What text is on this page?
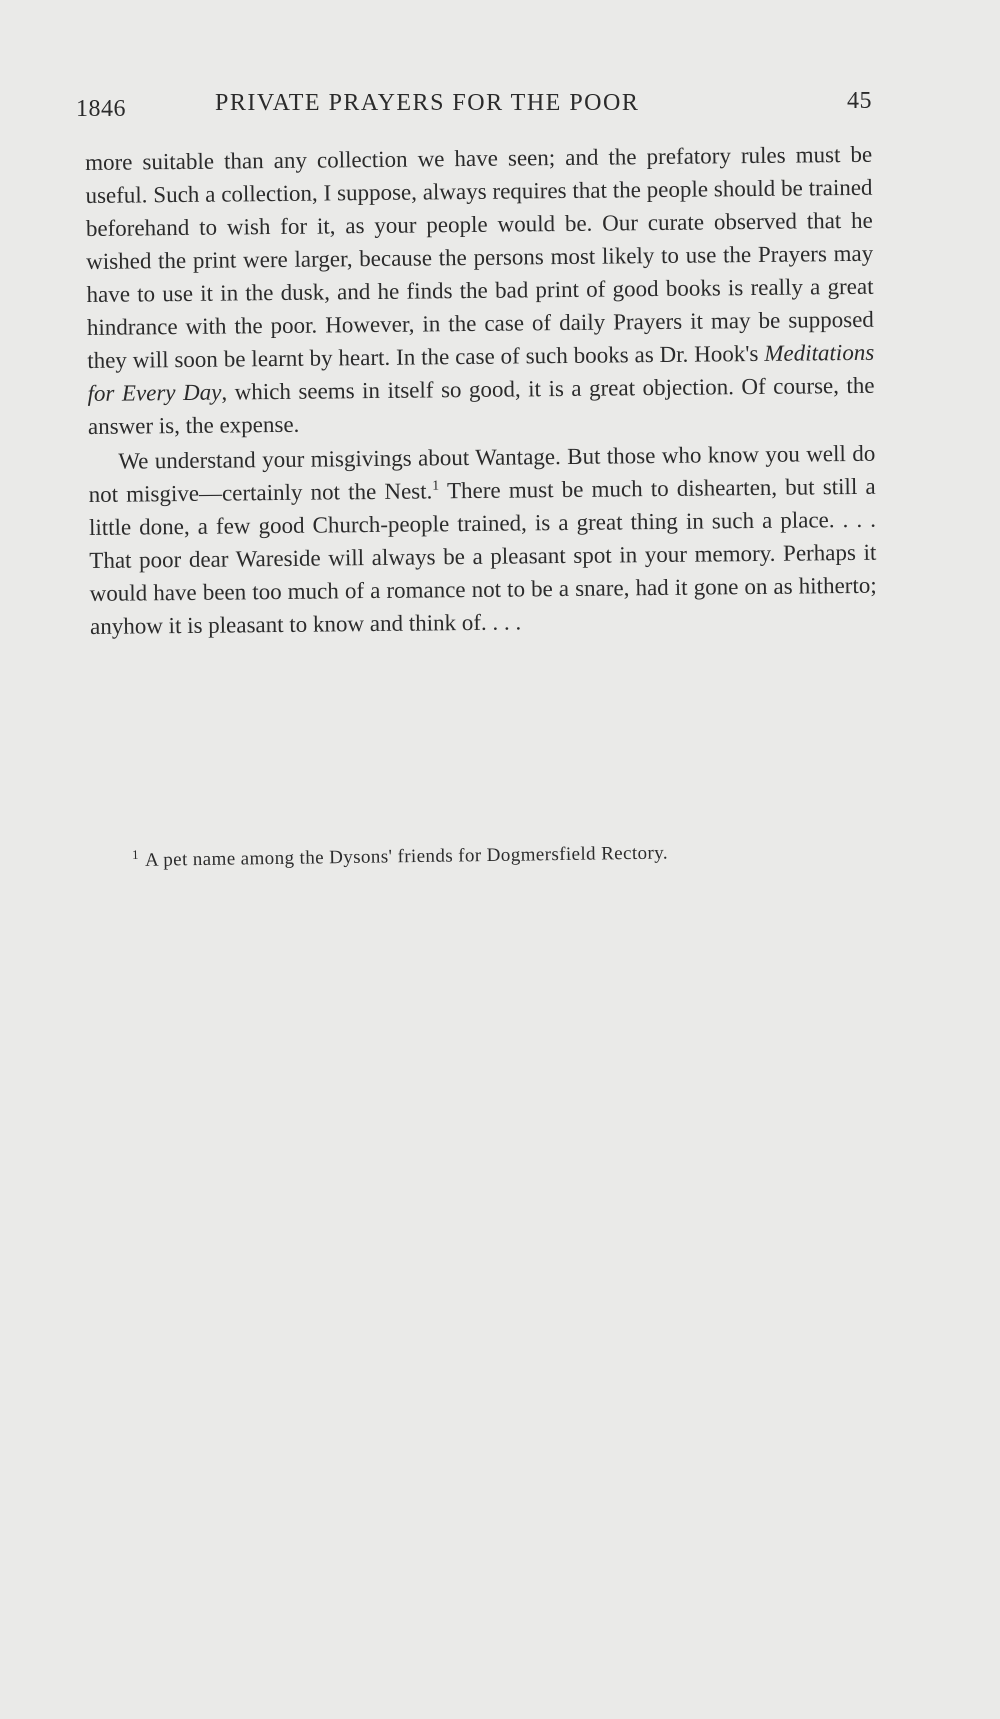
1846	PRIVATE PRAYERS FOR THE POOR	45

more suitable than any collection we have seen; and the prefatory rules must be useful. Such a collection, I suppose, always requires that the people should be trained beforehand to wish for it, as your people would be. Our curate observed that he wished the print were larger, because the persons most likely to use the Prayers may have to use it in the dusk, and he finds the bad print of good books is really a great hindrance with the poor. However, in the case of daily Prayers it may be supposed they will soon be learnt by heart. In the case of such books as Dr. Hook's Meditations for Every Day, which seems in itself so good, it is a great objection. Of course, the answer is, the expense.

We understand your misgivings about Wantage. But those who know you well do not misgive—certainly not the Nest.$^1$ There must be much to dishearten, but still a little done, a few good Church-people trained, is a great thing in such a place. . . . That poor dear Wareside will always be a pleasant spot in your memory. Perhaps it would have been too much of a romance not to be a snare, had it gone on as hitherto; anyhow it is pleasant to know and think of. . . .

$^1$ A pet name among the Dysons' friends for Dogmersfield Rectory.
